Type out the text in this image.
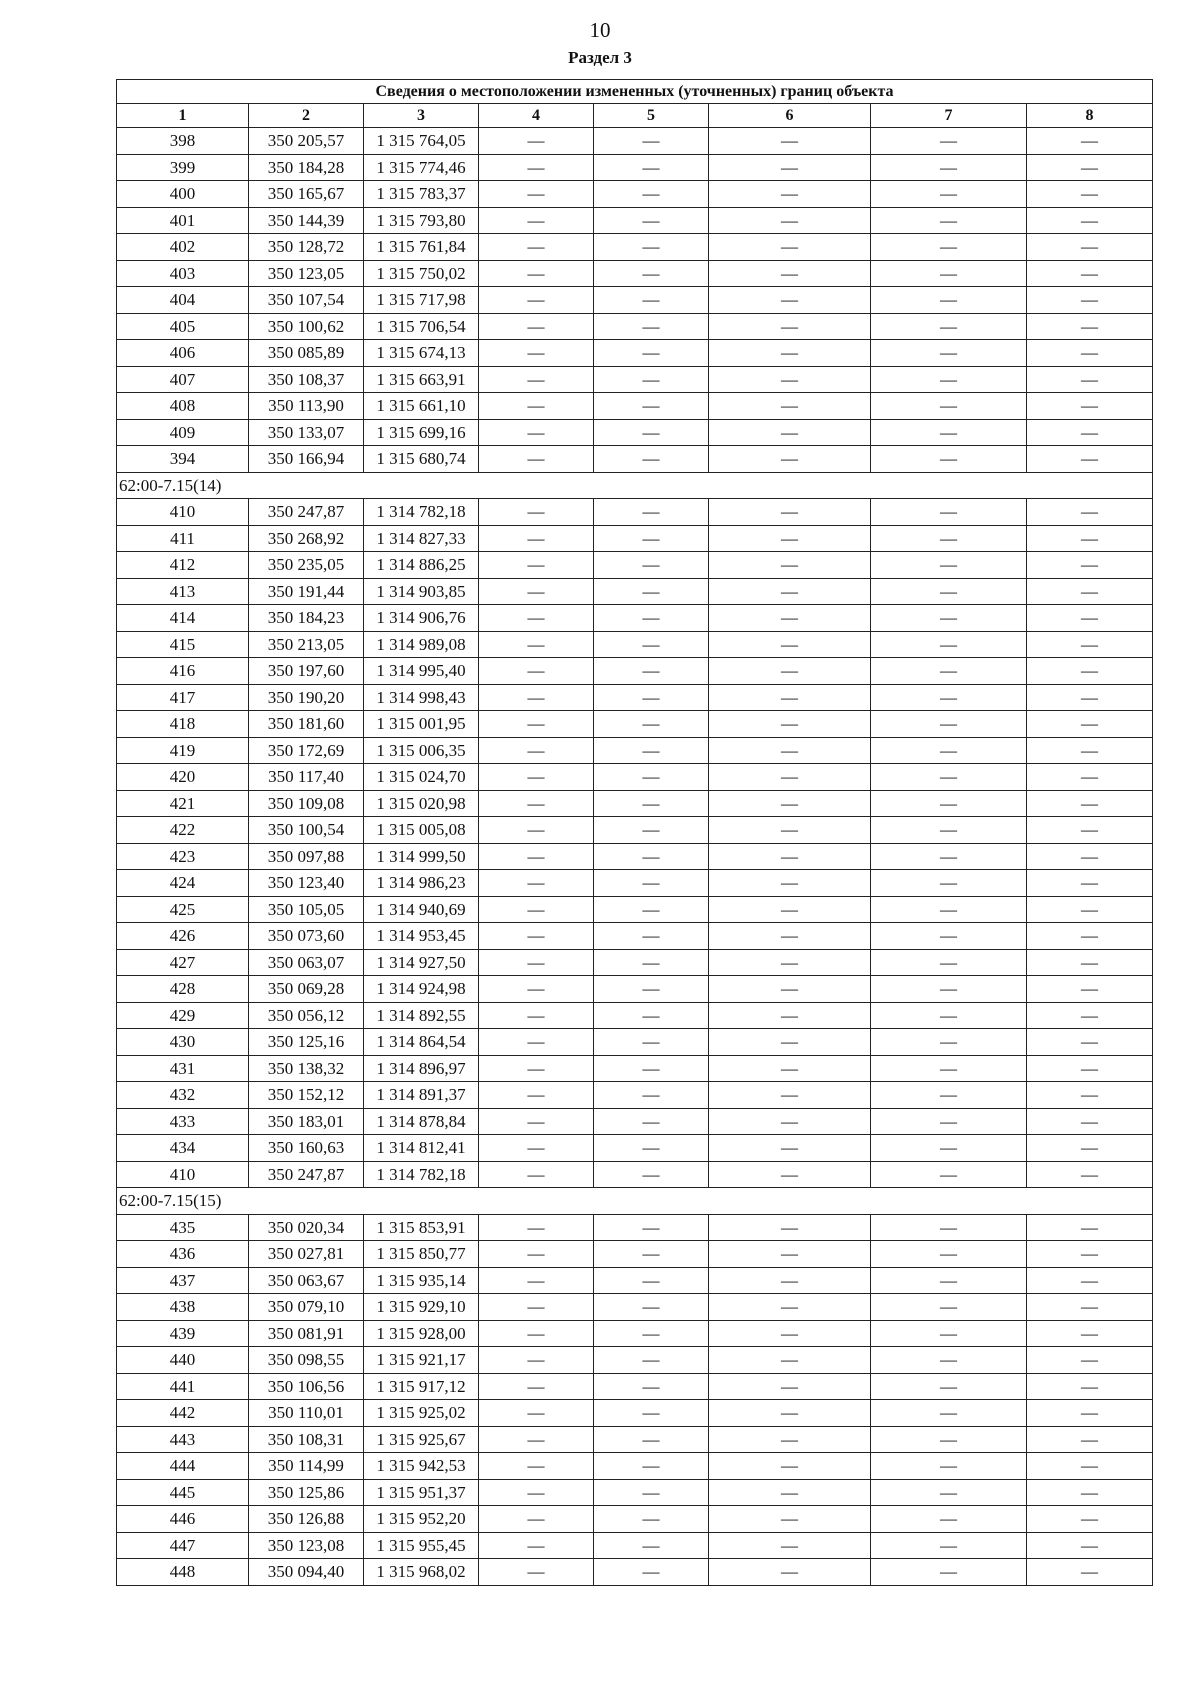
10
Раздел 3
Сведения о местоположении измененных (уточненных) границ объекта							
1	2	3	4	5	6	7	8
398	350 205,57	1 315 764,05	—	—	—	—	—
399	350 184,28	1 315 774,46	—	—	—	—	—
400	350 165,67	1 315 783,37	—	—	—	—	—
401	350 144,39	1 315 793,80	—	—	—	—	—
402	350 128,72	1 315 761,84	—	—	—	—	—
403	350 123,05	1 315 750,02	—	—	—	—	—
404	350 107,54	1 315 717,98	—	—	—	—	—
405	350 100,62	1 315 706,54	—	—	—	—	—
406	350 085,89	1 315 674,13	—	—	—	—	—
407	350 108,37	1 315 663,91	—	—	—	—	—
408	350 113,90	1 315 661,10	—	—	—	—	—
409	350 133,07	1 315 699,16	—	—	—	—	—
394	350 166,94	1 315 680,74	—	—	—	—	—
62:00-7.15(14)							
410	350 247,87	1 314 782,18	—	—	—	—	—
411	350 268,92	1 314 827,33	—	—	—	—	—
412	350 235,05	1 314 886,25	—	—	—	—	—
413	350 191,44	1 314 903,85	—	—	—	—	—
414	350 184,23	1 314 906,76	—	—	—	—	—
415	350 213,05	1 314 989,08	—	—	—	—	—
416	350 197,60	1 314 995,40	—	—	—	—	—
417	350 190,20	1 314 998,43	—	—	—	—	—
418	350 181,60	1 315 001,95	—	—	—	—	—
419	350 172,69	1 315 006,35	—	—	—	—	—
420	350 117,40	1 315 024,70	—	—	—	—	—
421	350 109,08	1 315 020,98	—	—	—	—	—
422	350 100,54	1 315 005,08	—	—	—	—	—
423	350 097,88	1 314 999,50	—	—	—	—	—
424	350 123,40	1 314 986,23	—	—	—	—	—
425	350 105,05	1 314 940,69	—	—	—	—	—
426	350 073,60	1 314 953,45	—	—	—	—	—
427	350 063,07	1 314 927,50	—	—	—	—	—
428	350 069,28	1 314 924,98	—	—	—	—	—
429	350 056,12	1 314 892,55	—	—	—	—	—
430	350 125,16	1 314 864,54	—	—	—	—	—
431	350 138,32	1 314 896,97	—	—	—	—	—
432	350 152,12	1 314 891,37	—	—	—	—	—
433	350 183,01	1 314 878,84	—	—	—	—	—
434	350 160,63	1 314 812,41	—	—	—	—	—
410	350 247,87	1 314 782,18	—	—	—	—	—
62:00-7.15(15)							
435	350 020,34	1 315 853,91	—	—	—	—	—
436	350 027,81	1 315 850,77	—	—	—	—	—
437	350 063,67	1 315 935,14	—	—	—	—	—
438	350 079,10	1 315 929,10	—	—	—	—	—
439	350 081,91	1 315 928,00	—	—	—	—	—
440	350 098,55	1 315 921,17	—	—	—	—	—
441	350 106,56	1 315 917,12	—	—	—	—	—
442	350 110,01	1 315 925,02	—	—	—	—	—
443	350 108,31	1 315 925,67	—	—	—	—	—
444	350 114,99	1 315 942,53	—	—	—	—	—
445	350 125,86	1 315 951,37	—	—	—	—	—
446	350 126,88	1 315 952,20	—	—	—	—	—
447	350 123,08	1 315 955,45	—	—	—	—	—
448	350 094,40	1 315 968,02	—	—	—	—	—
